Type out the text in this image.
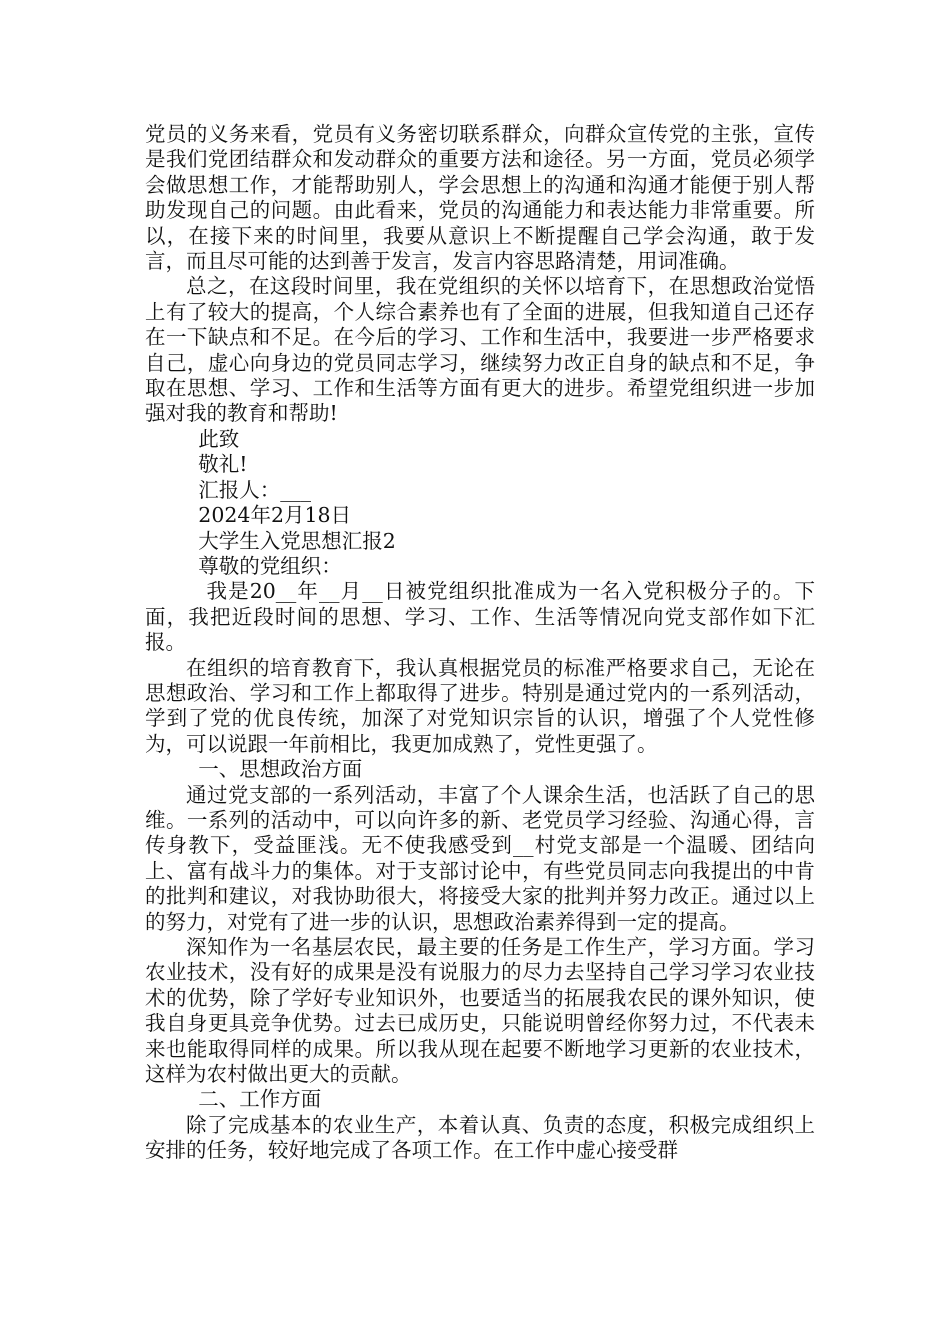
党员的义务来看，党员有义务密切联系群众，向群众宣传党的主张，宣传是我们党团结群众和发动群众的重要方法和途径。另一方面，党员必须学会做思想工作，才能帮助别人，学会思想上的沟通和沟通才能便于别人帮助发现自己的问题。由此看来，党员的沟通能力和表达能力非常重要。所以，在接下来的时间里，我要从意识上不断提醒自己学会沟通，敢于发言，而且尽可能的达到善于发言，发言内容思路清楚，用词准确。

总之，在这段时间里，我在党组织的关怀以培育下，在思想政治觉悟上有了较大的提高，个人综合素养也有了全面的进展，但我知道自己还存在一下缺点和不足。在今后的学习、工作和生活中，我要进一步严格要求自己，虚心向身边的党员同志学习，继续努力改正自身的缺点和不足，争取在思想、学习、工作和生活等方面有更大的进步。希望党组织进一步加强对我的教育和帮助!

此致

敬礼!

汇报人：___

2024年2月18日

大学生入党思想汇报2

尊敬的党组织：

我是20__年__月__日被党组织批准成为一名入党积极分子的。下面，我把近段时间的思想、学习、工作、生活等情况向党支部作如下汇报。

在组织的培育教育下，我认真根据党员的标准严格要求自己，无论在思想政治、学习和工作上都取得了进步。特别是通过党内的一系列活动，学到了党的优良传统，加深了对党知识宗旨的认识，增强了个人党性修为，可以说跟一年前相比，我更加成熟了，党性更强了。

一、思想政治方面

通过党支部的一系列活动，丰富了个人课余生活，也活跃了自己的思维。一系列的活动中，可以向许多的新、老党员学习经验、沟通心得，言传身教下，受益匪浅。无不使我感受到__村党支部是一个温暖、团结向上、富有战斗力的集体。对于支部讨论中，有些党员同志向我提出的中肯的批判和建议，对我协助很大，将接受大家的批判并努力改正。通过以上的努力，对党有了进一步的认识，思想政治素养得到一定的提高。

深知作为一名基层农民，最主要的任务是工作生产，学习方面。学习农业技术，没有好的成果是没有说服力的尽力去坚持自己学习学习农业技术的优势，除了学好专业知识外，也要适当的拓展我农民的课外知识，使我自身更具竞争优势。过去已成历史，只能说明曾经你努力过，不代表未来也能取得同样的成果。所以我从现在起要不断地学习更新的农业技术，这样为农村做出更大的贡献。

二、工作方面

除了完成基本的农业生产，本着认真、负责的态度，积极完成组织上安排的任务，较好地完成了各项工作。在工作中虚心接受群
